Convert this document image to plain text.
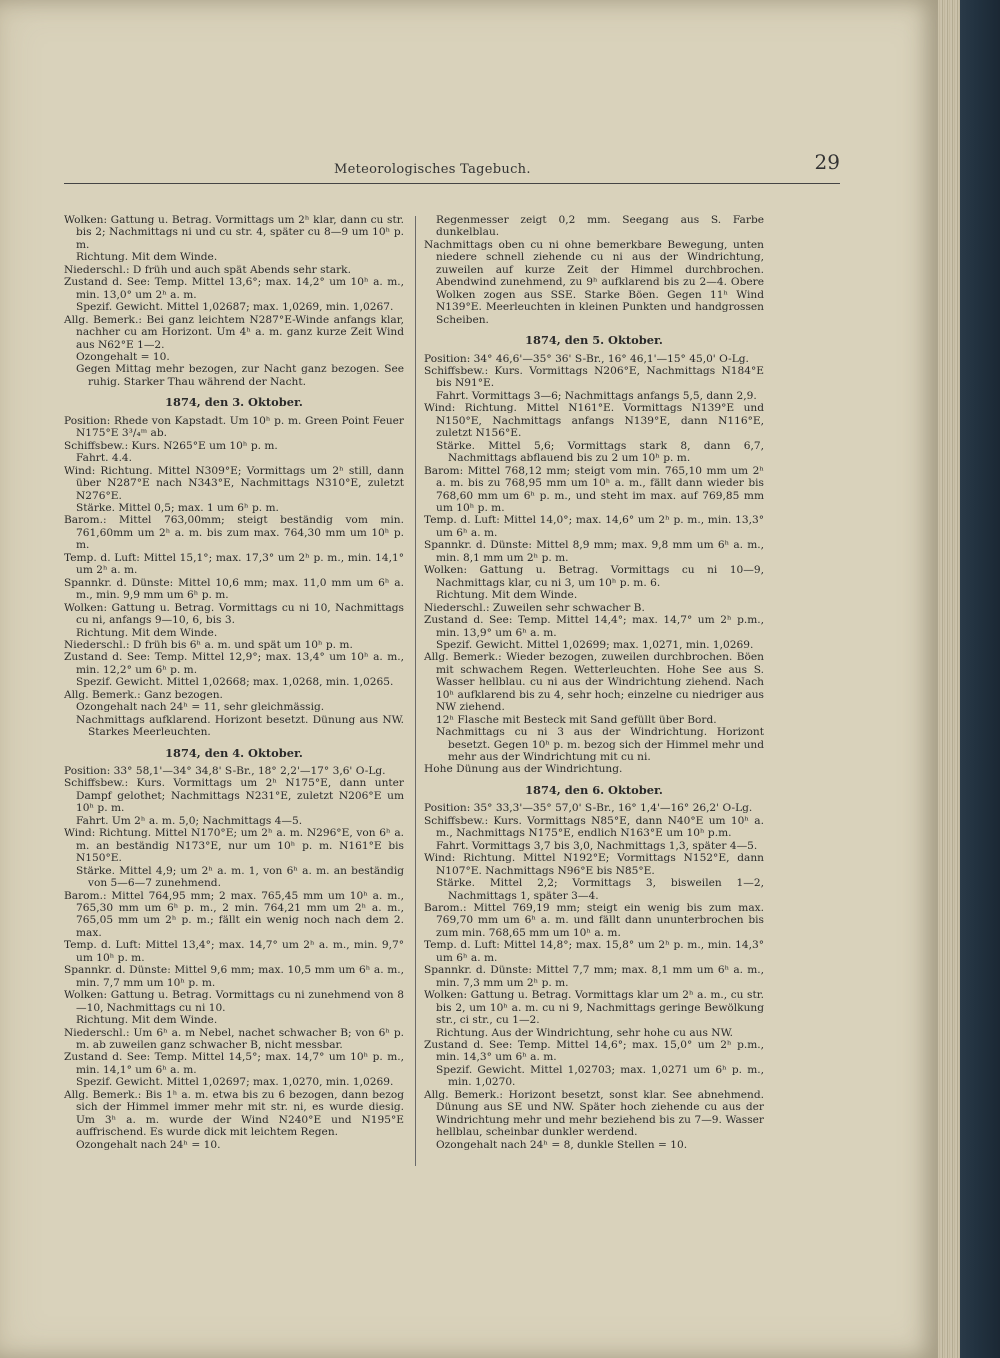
Meteorologisches Tagebuch.	29

Wolken: Gattung u. Betrag. Vormittags um 2ʰ klar, dann cu str. bis 2; Nachmittags ni und cu str. 4, später cu 8—9 um 10ʰ p. m.

Richtung. Mit dem Winde.

Niederschl.: D früh und auch spät Abends sehr stark.

Zustand d. See: Temp. Mittel 13,6°; max. 14,2° um 10ʰ a. m., min. 13,0° um 2ʰ a. m.

Spezif. Gewicht. Mittel 1,02687; max. 1,0269, min. 1,0267.

Allg. Bemerk.: Bei ganz leichtem N287°E-Winde anfangs klar, nachher cu am Horizont. Um 4ʰ a. m. ganz kurze Zeit Wind aus N62°E 1—2.

Ozongehalt = 10.

Gegen Mittag mehr bezogen, zur Nacht ganz bezogen. See ruhig. Starker Thau während der Nacht.

1874, den 3. Oktober.

Position: Rhede von Kapstadt. Um 10ʰ p. m. Green Point Feuer N175°E 3³/₄ᵐ ab.

Schiffsbew.: Kurs. N265°E um 10ʰ p. m.

Fahrt. 4.4.

Wind: Richtung. Mittel N309°E; Vormittags um 2ʰ still, dann über N287°E nach N343°E, Nachmittags N310°E, zuletzt N276°E.

Stärke. Mittel 0,5; max. 1 um 6ʰ p. m.

Barom.: Mittel 763,00mm; steigt beständig vom min. 761,60mm um 2ʰ a. m. bis zum max. 764,30 mm um 10ʰ p. m.

Temp. d. Luft: Mittel 15,1°; max. 17,3° um 2ʰ p. m., min. 14,1° um 2ʰ a. m.

Spannkr. d. Dünste: Mittel 10,6 mm; max. 11,0 mm um 6ʰ a. m., min. 9,9 mm um 6ʰ p. m.

Wolken: Gattung u. Betrag. Vormittags cu ni 10, Nachmittags cu ni, anfangs 9—10, 6, bis 3.

Richtung. Mit dem Winde.

Niederschl.: D früh bis 6ʰ a. m. und spät um 10ʰ p. m.

Zustand d. See: Temp. Mittel 12,9°; max. 13,4° um 10ʰ a. m., min. 12,2° um 6ʰ p. m.

Spezif. Gewicht. Mittel 1,02668; max. 1,0268, min. 1,0265.

Allg. Bemerk.: Ganz bezogen.

Ozongehalt nach 24ʰ = 11, sehr gleichmässig.

Nachmittags aufklarend. Horizont besetzt. Dünung aus NW. Starkes Meerleuchten.

1874, den 4. Oktober.

Position: 33° 58,1'—34° 34,8' S-Br., 18° 2,2'—17° 3,6' O-Lg.

Schiffsbew.: Kurs. Vormittags um 2ʰ N175°E, dann unter Dampf gelothet; Nachmittags N231°E, zuletzt N206°E um 10ʰ p. m.

Fahrt. Um 2ʰ a. m. 5,0; Nachmittags 4—5.

Wind: Richtung. Mittel N170°E; um 2ʰ a. m. N296°E, von 6ʰ a. m. an beständig N173°E, nur um 10ʰ p. m. N161°E bis N150°E.

Stärke. Mittel 4,9; um 2ʰ a. m. 1, von 6ʰ a. m. an beständig von 5—6—7 zunehmend.

Barom.: Mittel 764,95 mm; 2 max. 765,45 mm um 10ʰ a. m., 765,30 mm um 6ʰ p. m., 2 min. 764,21 mm um 2ʰ a. m., 765,05 mm um 2ʰ p. m.; fällt ein wenig noch nach dem 2. max.

Temp. d. Luft: Mittel 13,4°; max. 14,7° um 2ʰ a. m., min. 9,7° um 10ʰ p. m.

Spannkr. d. Dünste: Mittel 9,6 mm; max. 10,5 mm um 6ʰ a. m., min. 7,7 mm um 10ʰ p. m.

Wolken: Gattung u. Betrag. Vormittags cu ni zunehmend von 8—10, Nachmittags cu ni 10.

Richtung. Mit dem Winde.

Niederschl.: Um 6ʰ a. m Nebel, nachet schwacher B; von 6ʰ p. m. ab zuweilen ganz schwacher B, nicht messbar.

Zustand d. See: Temp. Mittel 14,5°; max. 14,7° um 10ʰ p. m., min. 14,1° um 6ʰ a. m.

Spezif. Gewicht. Mittel 1,02697; max. 1,0270, min. 1,0269.

Allg. Bemerk.: Bis 1ʰ a. m. etwa bis zu 6 bezogen, dann bezog sich der Himmel immer mehr mit str. ni, es wurde diesig. Um 3ʰ a. m. wurde der Wind N240°E und N195°E auffrischend. Es wurde dick mit leichtem Regen.

Ozongehalt nach 24ʰ = 10.

Regenmesser zeigt 0,2 mm. Seegang aus S. Farbe dunkelblau.

Nachmittags oben cu ni ohne bemerkbare Bewegung, unten niedere schnell ziehende cu ni aus der Windrichtung, zuweilen auf kurze Zeit der Himmel durchbrochen. Abendwind zunehmend, zu 9ʰ aufklarend bis zu 2—4. Obere Wolken zogen aus SSE. Starke Böen. Gegen 11ʰ Wind N139°E. Meerleuchten in kleinen Punkten und handgrossen Scheiben.

1874, den 5. Oktober.

Position: 34° 46,6'—35° 36' S-Br., 16° 46,1'—15° 45,0' O-Lg.

Schiffsbew.: Kurs. Vormittags N206°E, Nachmittags N184°E bis N91°E.

Fahrt. Vormittags 3—6; Nachmittags anfangs 5,5, dann 2,9.

Wind: Richtung. Mittel N161°E. Vormittags N139°E und N150°E, Nachmittags anfangs N139°E, dann N116°E, zuletzt N156°E.

Stärke. Mittel 5,6; Vormittags stark 8, dann 6,7, Nachmittags abflauend bis zu 2 um 10ʰ p. m.

Barom: Mittel 768,12 mm; steigt vom min. 765,10 mm um 2ʰ a. m. bis zu 768,95 mm um 10ʰ a. m., fällt dann wieder bis 768,60 mm um 6ʰ p. m., und steht im max. auf 769,85 mm um 10ʰ p. m.

Temp. d. Luft: Mittel 14,0°; max. 14,6° um 2ʰ p. m., min. 13,3° um 6ʰ a. m.

Spannkr. d. Dünste: Mittel 8,9 mm; max. 9,8 mm um 6ʰ a. m., min. 8,1 mm um 2ʰ p. m.

Wolken: Gattung u. Betrag. Vormittags cu ni 10—9, Nachmittags klar, cu ni 3, um 10ʰ p. m. 6.

Richtung. Mit dem Winde.

Niederschl.: Zuweilen sehr schwacher B.

Zustand d. See: Temp. Mittel 14,4°; max. 14,7° um 2ʰ p.m., min. 13,9° um 6ʰ a. m.

Spezif. Gewicht. Mittel 1,02699; max. 1,0271, min. 1,0269.

Allg. Bemerk.: Wieder bezogen, zuweilen durchbrochen. Böen mit schwachem Regen. Wetterleuchten. Hohe See aus S. Wasser hellblau. cu ni aus der Windrichtung ziehend. Nach 10ʰ aufklarend bis zu 4, sehr hoch; einzelne cu niedriger aus NW ziehend.

12ʰ Flasche mit Besteck mit Sand gefüllt über Bord.

Nachmittags cu ni 3 aus der Windrichtung. Horizont besetzt. Gegen 10ʰ p. m. bezog sich der Himmel mehr und mehr aus der Windrichtung mit cu ni.

Hohe Dünung aus der Windrichtung.

1874, den 6. Oktober.

Position: 35° 33,3'—35° 57,0' S-Br., 16° 1,4'—16° 26,2' O-Lg.

Schiffsbew.: Kurs. Vormittags N85°E, dann N40°E um 10ʰ a. m., Nachmittags N175°E, endlich N163°E um 10ʰ p.m.

Fahrt. Vormittags 3,7 bis 3,0, Nachmittags 1,3, später 4—5.

Wind: Richtung. Mittel N192°E; Vormittags N152°E, dann N107°E. Nachmittags N96°E bis N85°E.

Stärke. Mittel 2,2; Vormittags 3, bisweilen 1—2, Nachmittags 1, später 3—4.

Barom.: Mittel 769,19 mm; steigt ein wenig bis zum max. 769,70 mm um 6ʰ a. m. und fällt dann ununterbrochen bis zum min. 768,65 mm um 10ʰ a. m.

Temp. d. Luft: Mittel 14,8°; max. 15,8° um 2ʰ p. m., min. 14,3° um 6ʰ a. m.

Spannkr. d. Dünste: Mittel 7,7 mm; max. 8,1 mm um 6ʰ a. m., min. 7,3 mm um 2ʰ p. m.

Wolken: Gattung u. Betrag. Vormittags klar um 2ʰ a. m., cu str. bis 2, um 10ʰ a. m. cu ni 9, Nachmittags geringe Bewölkung str., ci str., cu 1—2.

Richtung. Aus der Windrichtung, sehr hohe cu aus NW.

Zustand d. See: Temp. Mittel 14,6°; max. 15,0° um 2ʰ p.m., min. 14,3° um 6ʰ a. m.

Spezif. Gewicht. Mittel 1,02703; max. 1,0271 um 6ʰ p. m., min. 1,0270.

Allg. Bemerk.: Horizont besetzt, sonst klar. See abnehmend. Dünung aus SE und NW. Später hoch ziehende cu aus der Windrichtung mehr und mehr beziehend bis zu 7—9. Wasser hellblau, scheinbar dunkler werdend.

Ozongehalt nach 24ʰ = 8, dunkle Stellen = 10.
